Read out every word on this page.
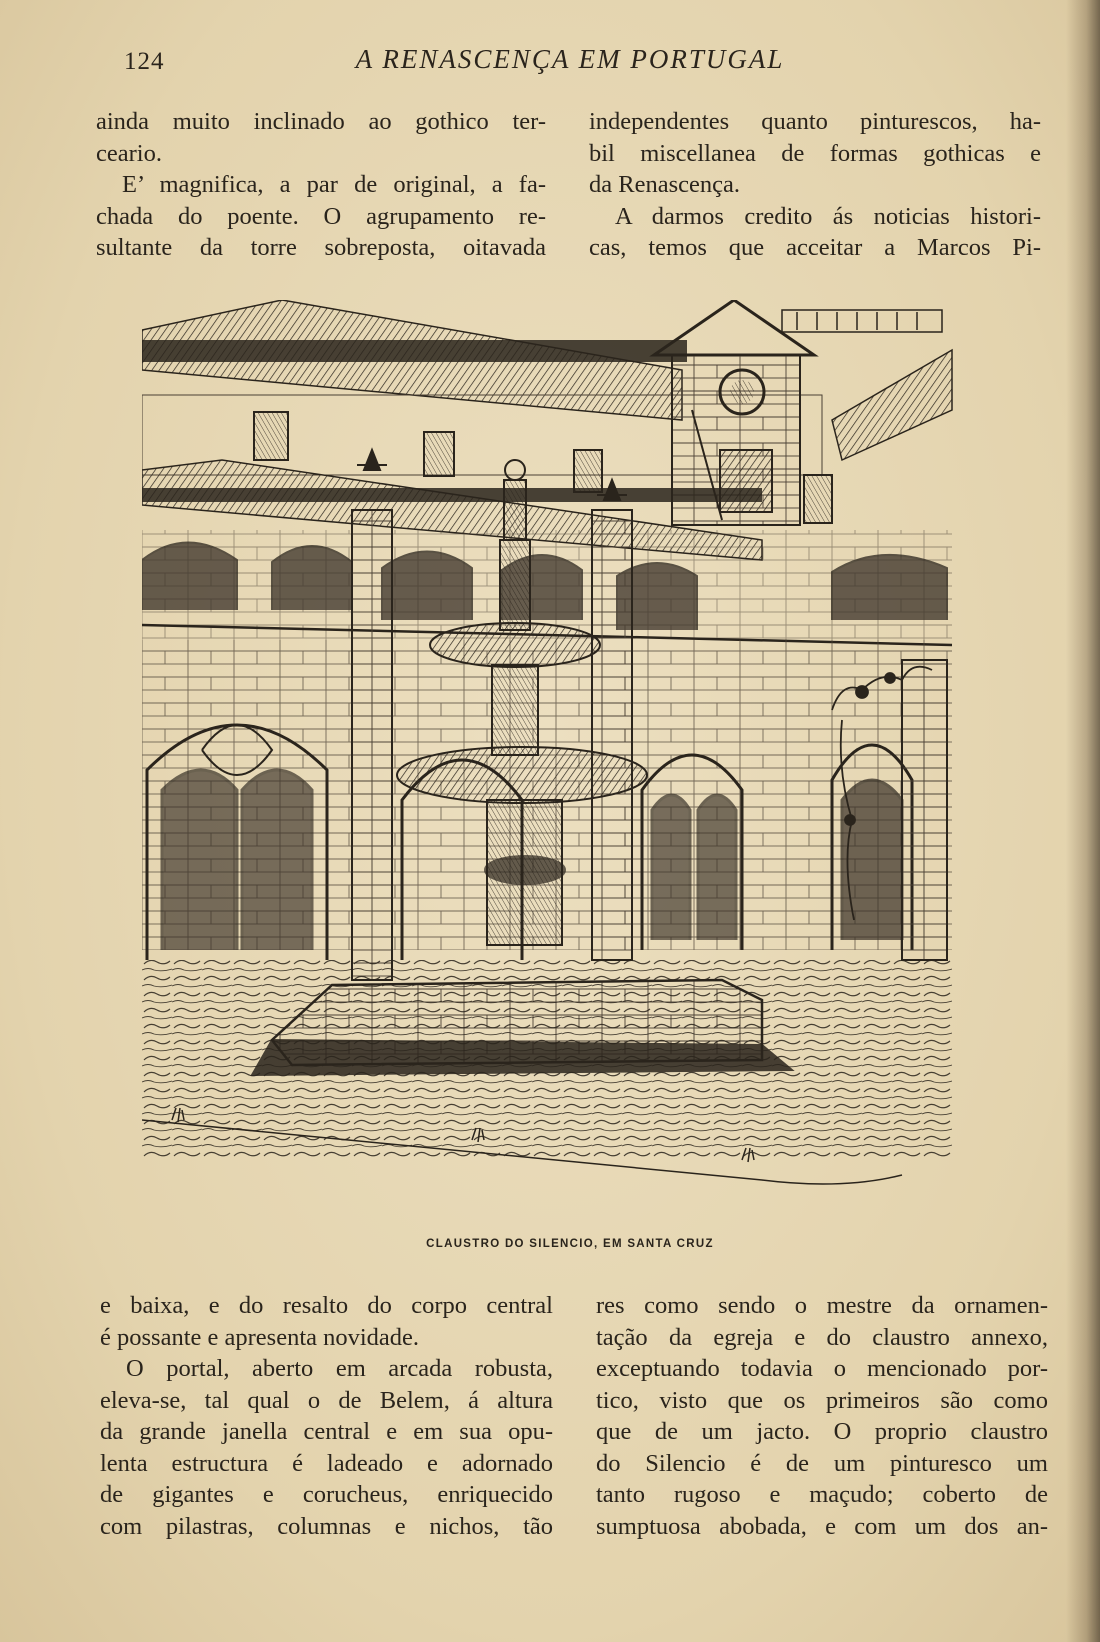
124	A RENASCENÇA EM PORTUGAL
ainda muito inclinado ao gothico ter-
ceario.
E’ magnifica, a par de original, a fa-
chada do poente. O agrupamento re-
sultante da torre sobreposta, oitavada
independentes quanto pinturescos, ha-
bil miscellanea de formas gothicas e
da Renascença.
A darmos credito ás noticias histori-
cas, temos que acceitar a Marcos Pi-
CLAUSTRO DO SILENCIO, EM SANTA CRUZ
e baixa, e do resalto do corpo central
é possante e apresenta novidade.
O portal, aberto em arcada robusta,
eleva-se, tal qual o de Belem, á altura
da grande janella central e em sua opu-
lenta estructura é ladeado e adornado
de gigantes e corucheus, enriquecido
com pilastras, columnas e nichos, tão
res como sendo o mestre da ornamen-
tação da egreja e do claustro annexo,
exceptuando todavia o mencionado por-
tico, visto que os primeiros são como
que de um jacto. O proprio claustro
do Silencio é de um pinturesco um
tanto rugoso e maçudo; coberto de
sumptuosa abobada, e com um dos an-
